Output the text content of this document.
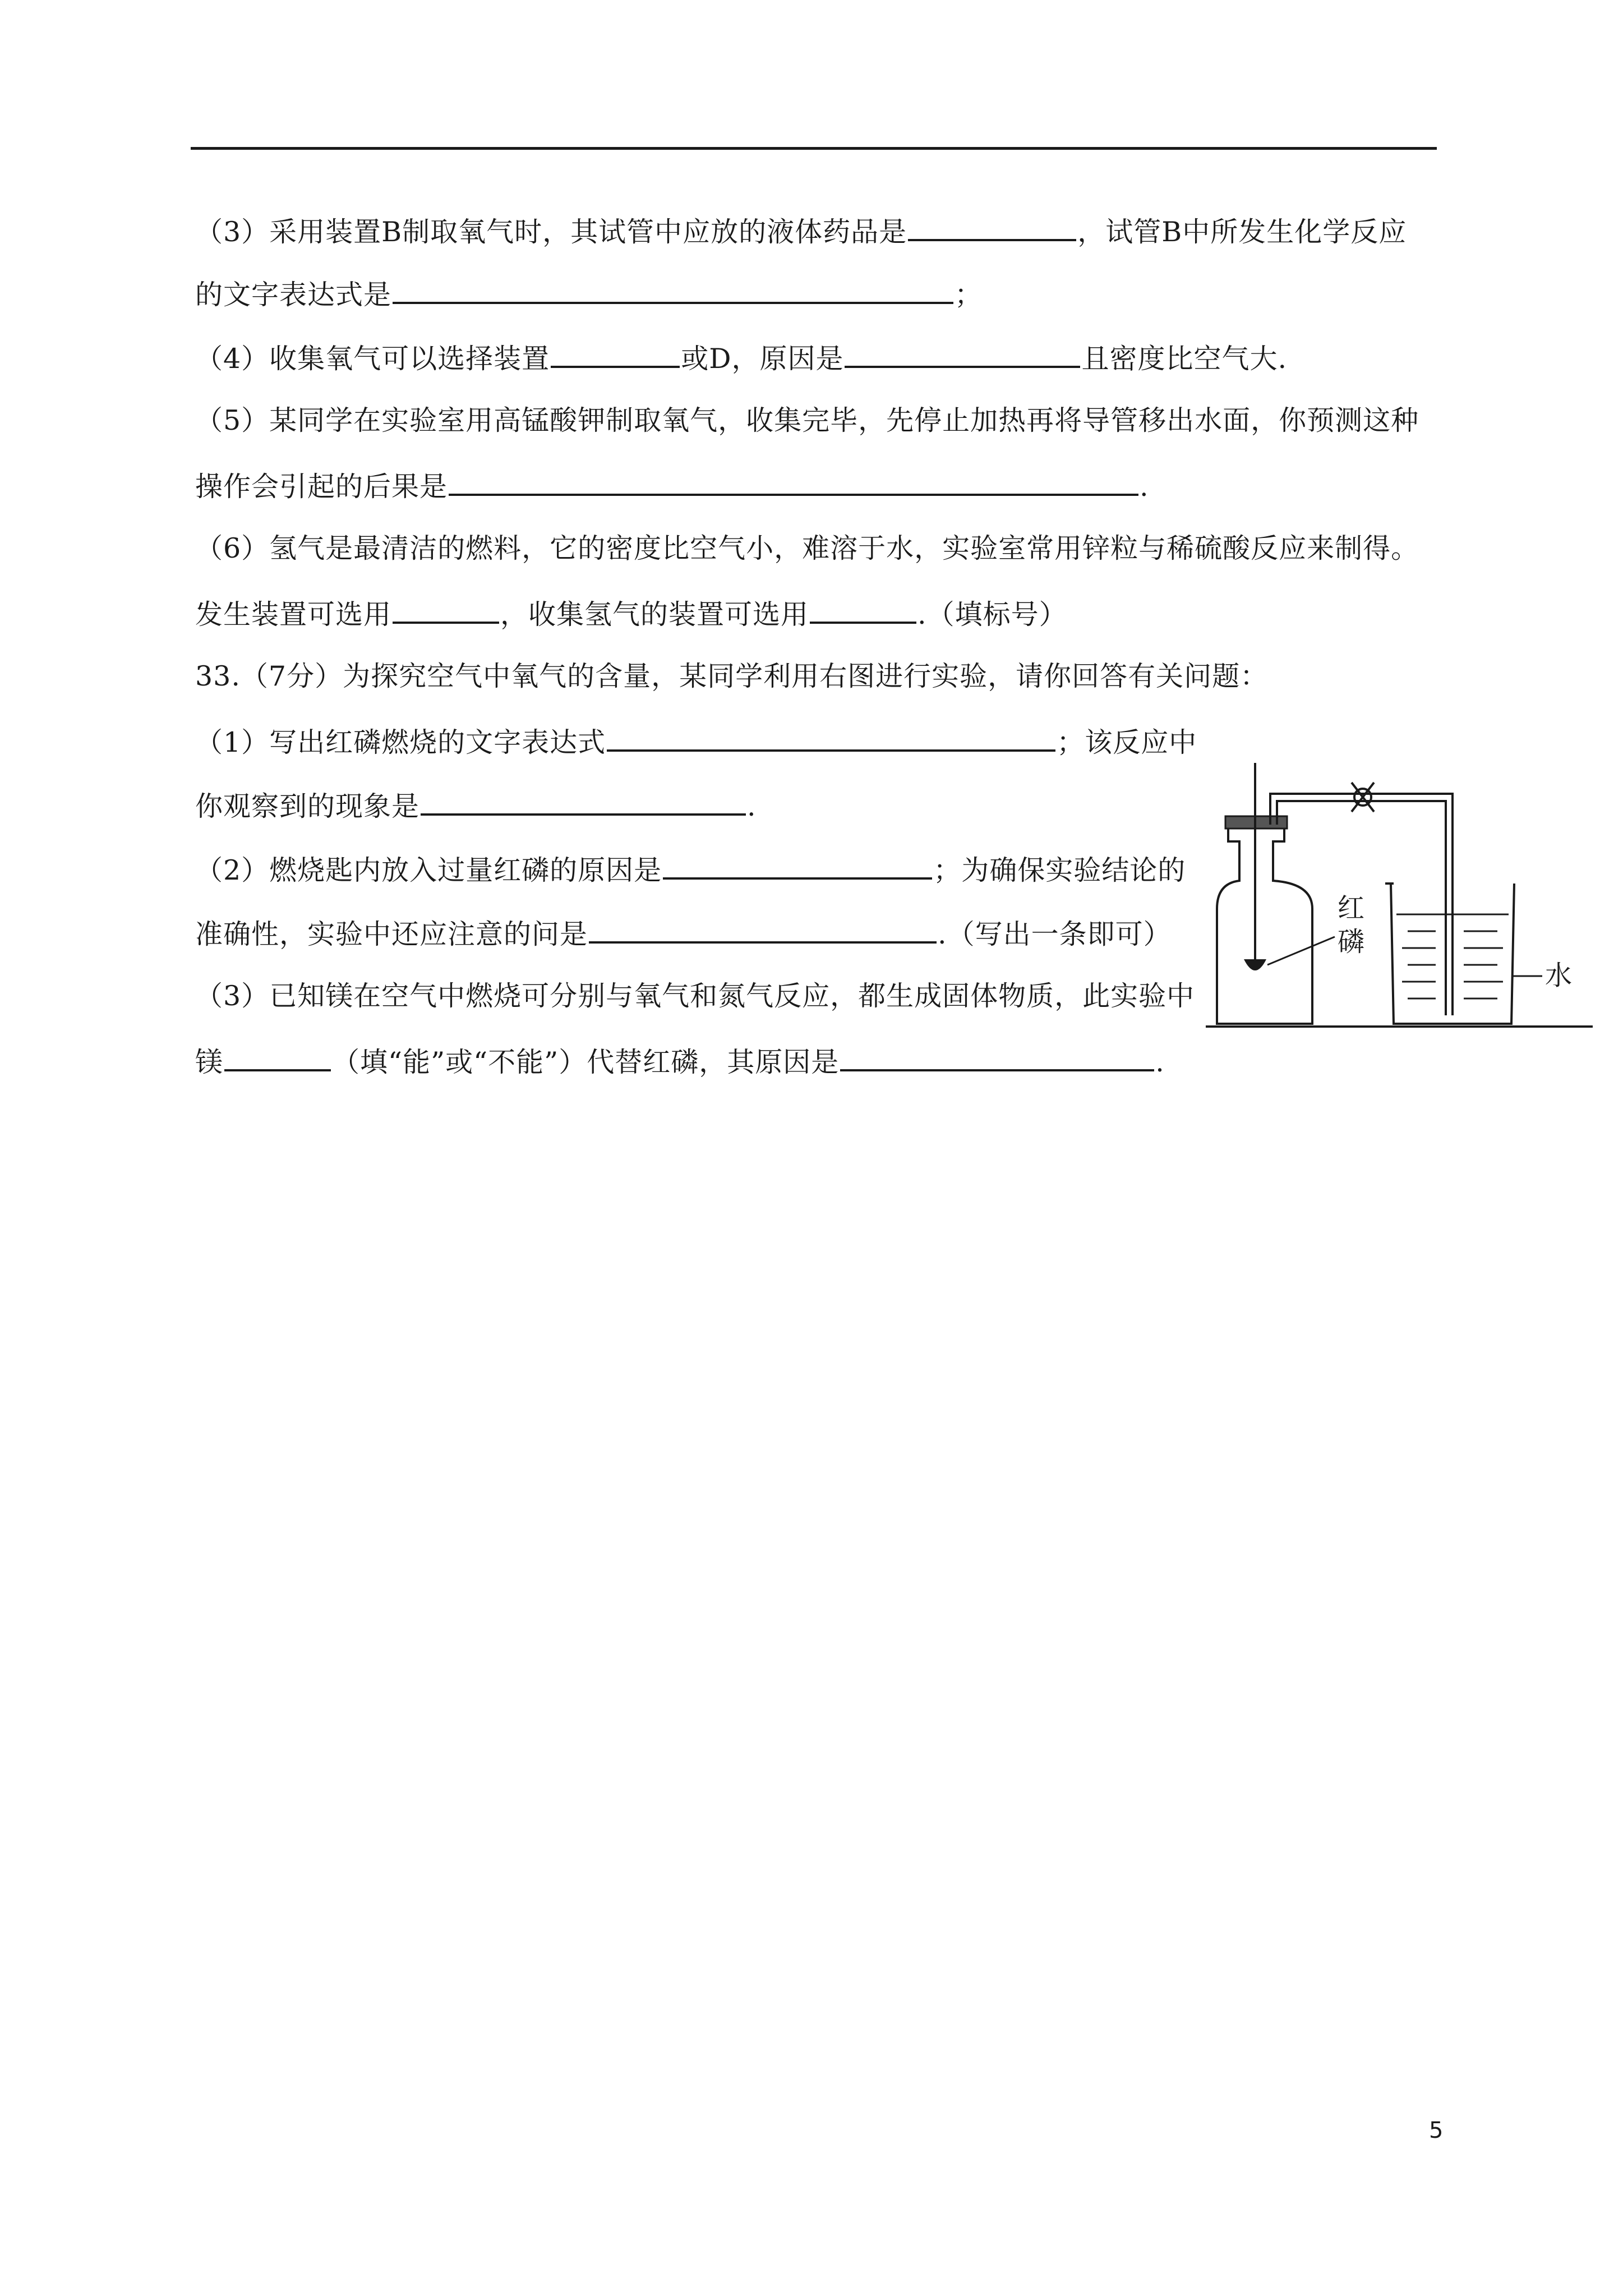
（3）采用装置B制取氧气时，其试管中应放的液体药品是	，试管B中所发生化学反应
的文字表达式是	；
（4）收集氧气可以选择装置	或D，原因是	且密度比空气大.
（5）某同学在实验室用高锰酸钾制取氧气，收集完毕，先停止加热再将导管移出水面，你预测这种
操作会引起的后果是	.
（6）氢气是最清洁的燃料，它的密度比空气小，难溶于水，实验室常用锌粒与稀硫酸反应来制得。
发生装置可选用	，收集氢气的装置可选用	.（填标号）
33.（7分）为探究空气中氧气的含量，某同学利用右图进行实验，请你回答有关问题：
（1）写出红磷燃烧的文字表达式	；该反应中
你观察到的现象是	.
（2）燃烧匙内放入过量红磷的原因是	；为确保实验结论的
准确性，实验中还应注意的问是	.（写出一条即可）
（3）已知镁在空气中燃烧可分别与氧气和氮气反应，都生成固体物质，此实验中
镁	（填“能”或“不能”）代替红磷，其原因是	.
红
磷
水
5
